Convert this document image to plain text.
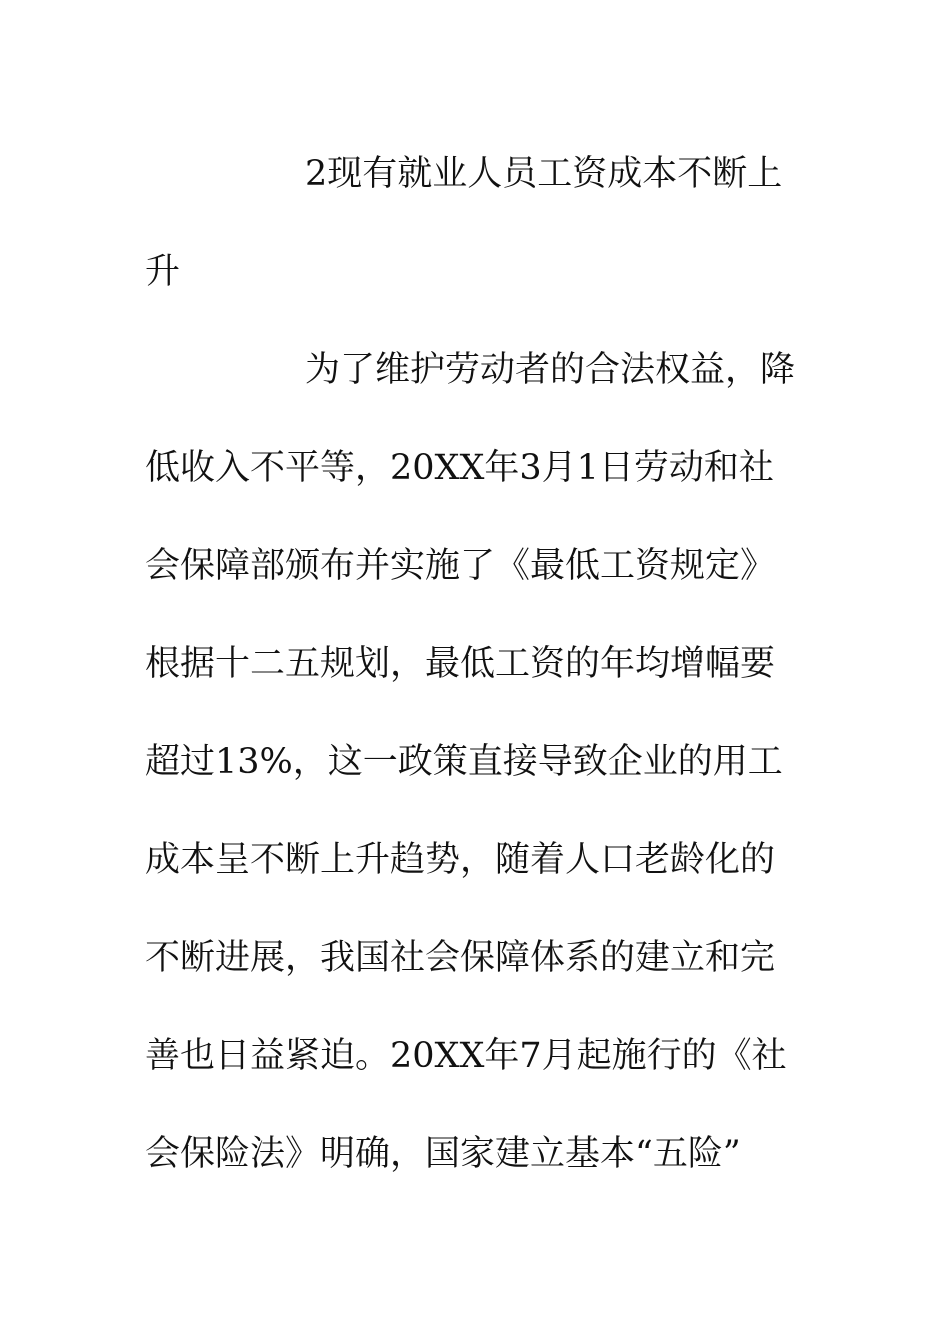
2现有就业人员工资成本不断上
升
为了维护劳动者的合法权益，降
低收入不平等，20XX年3月1日劳动和社
会保障部颁布并实施了《最低工资规定》
根据十二五规划，最低工资的年均增幅要
超过13%，这一政策直接导致企业的用工
成本呈不断上升趋势，随着人口老龄化的
不断进展，我国社会保障体系的建立和完
善也日益紧迫。20XX年7月起施行的《社
会保险法》明确，国家建立基本“五险”
